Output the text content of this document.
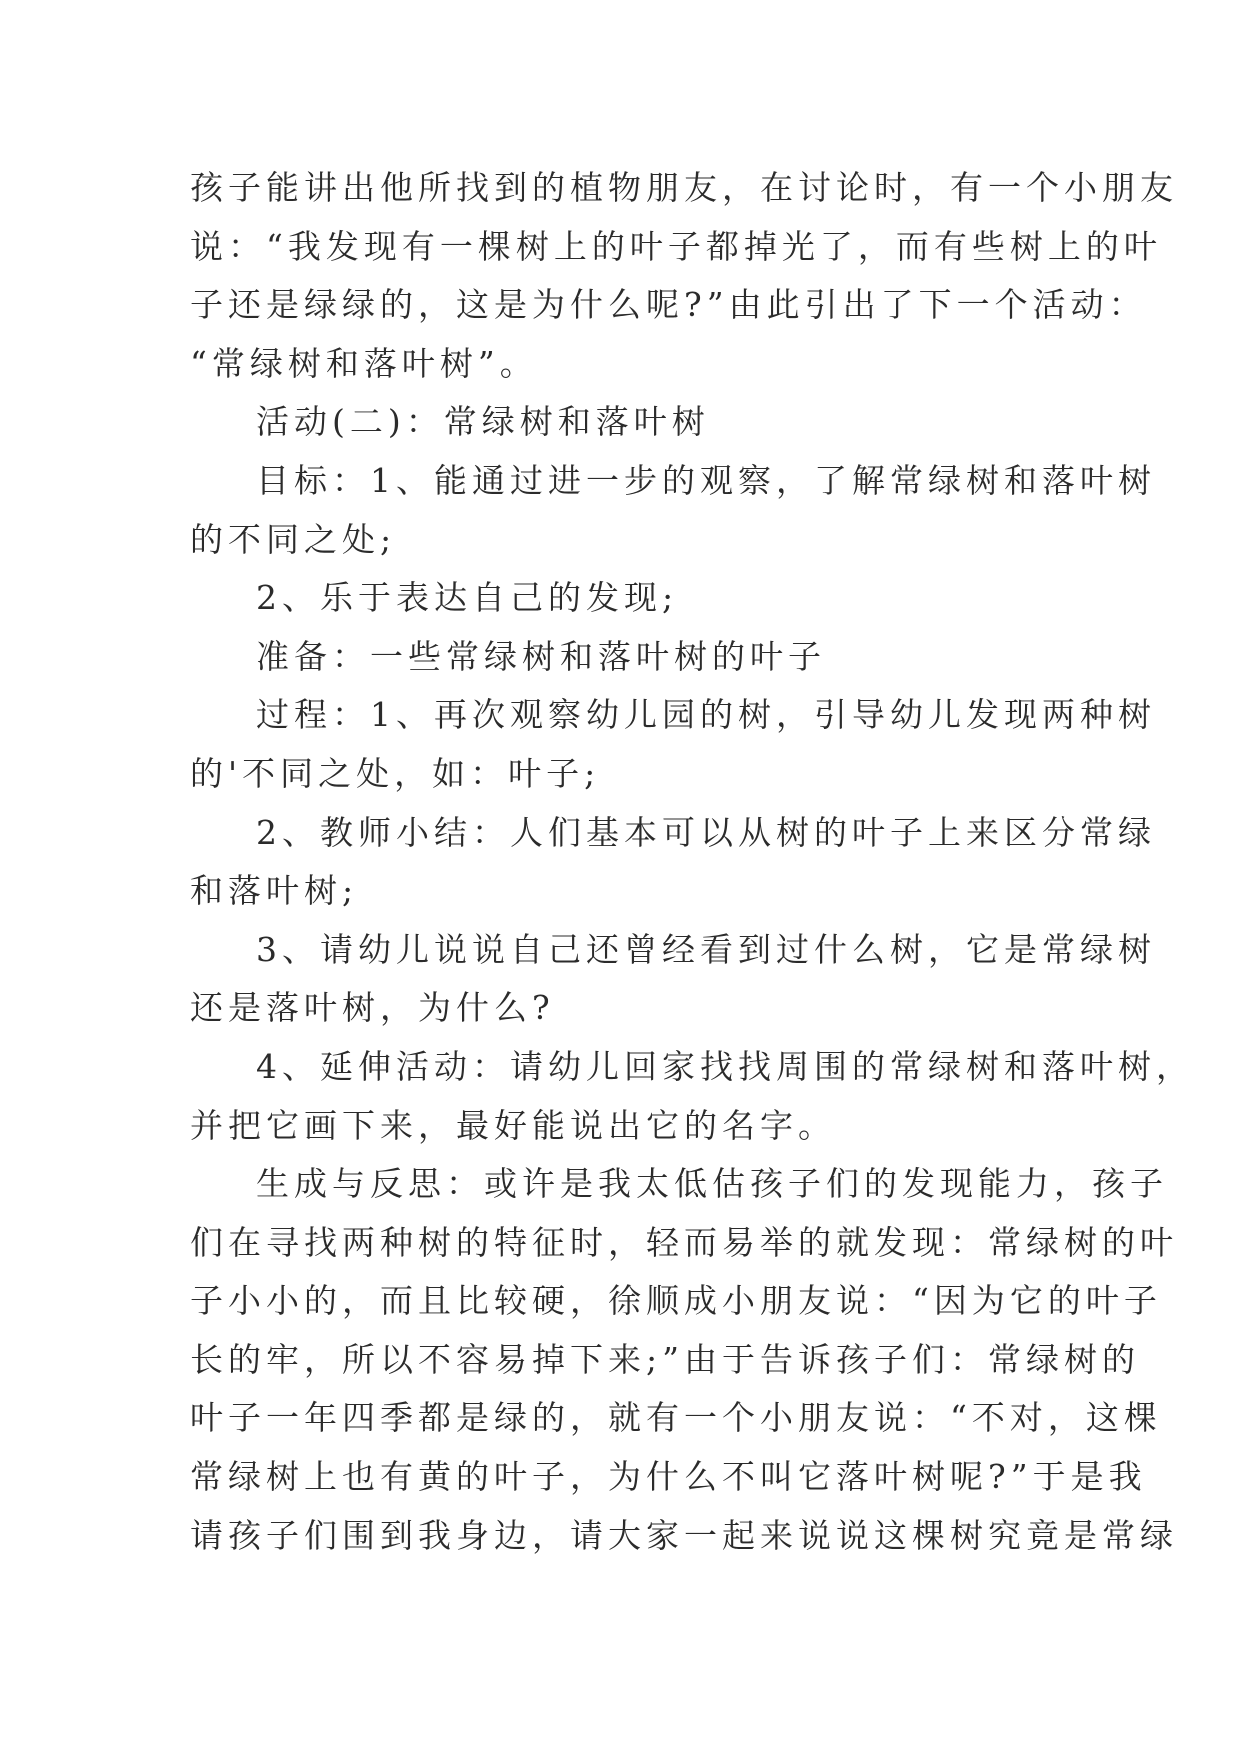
孩子能讲出他所找到的植物朋友，在讨论时，有一个小朋友
说：“我发现有一棵树上的叶子都掉光了，而有些树上的叶
子还是绿绿的，这是为什么呢?”由此引出了下一个活动：
“常绿树和落叶树”。
活动(二)：常绿树和落叶树
目标：1、能通过进一步的观察，了解常绿树和落叶树
的不同之处;
2、乐于表达自己的发现;
准备：一些常绿树和落叶树的叶子
过程：1、再次观察幼儿园的树，引导幼儿发现两种树
的'不同之处，如：叶子;
2、教师小结：人们基本可以从树的叶子上来区分常绿
和落叶树;
3、请幼儿说说自己还曾经看到过什么树，它是常绿树
还是落叶树，为什么?
4、延伸活动：请幼儿回家找找周围的常绿树和落叶树，
并把它画下来，最好能说出它的名字。
生成与反思：或许是我太低估孩子们的发现能力，孩子
们在寻找两种树的特征时，轻而易举的就发现：常绿树的叶
子小小的，而且比较硬，徐顺成小朋友说：“因为它的叶子
长的牢，所以不容易掉下来;”由于告诉孩子们：常绿树的
叶子一年四季都是绿的，就有一个小朋友说：“不对，这棵
常绿树上也有黄的叶子，为什么不叫它落叶树呢?”于是我
请孩子们围到我身边，请大家一起来说说这棵树究竟是常绿
